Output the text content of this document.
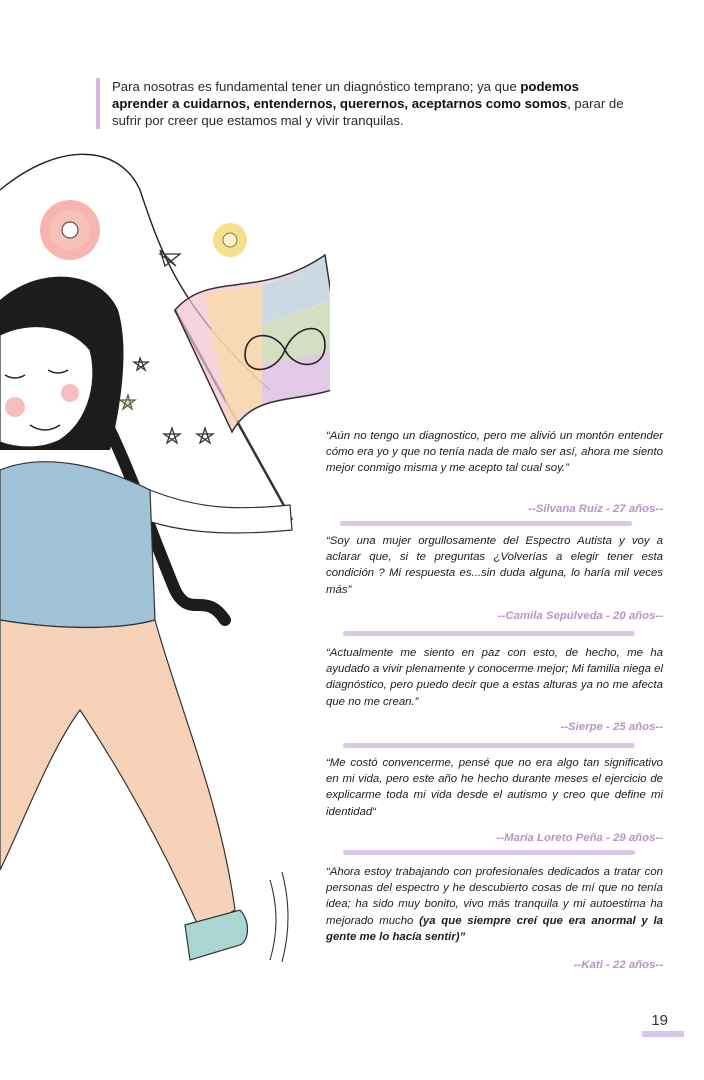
Para nosotras es fundamental tener un diagnóstico temprano; ya que podemos aprender a cuidarnos, entendernos, querernos, aceptarnos como somos, parar de sufrir por creer que estamos mal y vivir tranquilas.
“Aún no tengo un diagnostico, pero me alivió un montón entender cómo era yo y que no tenía nada de malo ser así, ahora me siento mejor conmigo misma y me acepto tal cual soy.”
--Silvana Ruíz - 27 años--
“Soy una mujer orgullosamente del Espectro Autista y voy a aclarar que, si te preguntas ¿Volverías a elegir tener esta condición ? Mi respuesta es...sin duda alguna, lo haría mil veces más”
--Camila Sepúlveda - 20 años--
“Actualmente me siento en paz con esto, de hecho, me ha ayudado a vivir plenamente y conocerme mejor; Mi familia niega el diagnóstico, pero puedo decir que a estas alturas ya no me afecta que no me crean.”
--Sierpe - 25 años--
“Me costó convencerme, pensé que no era algo tan significativo en mi vida, pero este año he hecho durante meses el ejercicio de explicarme toda mi vida desde el autismo y creo que define mi identidad“
--María Loreto Peña - 29 años--
“Ahora estoy trabajando con profesionales dedicados a tratar con personas del espectro y he descubierto cosas de mí que no tenía idea; ha sido muy bonito, vivo más tranquila y mi autoestima ha mejorado mucho (ya que siempre creí que era anormal y la gente me lo hacía sentir)”
--Kati - 22 años--
19
